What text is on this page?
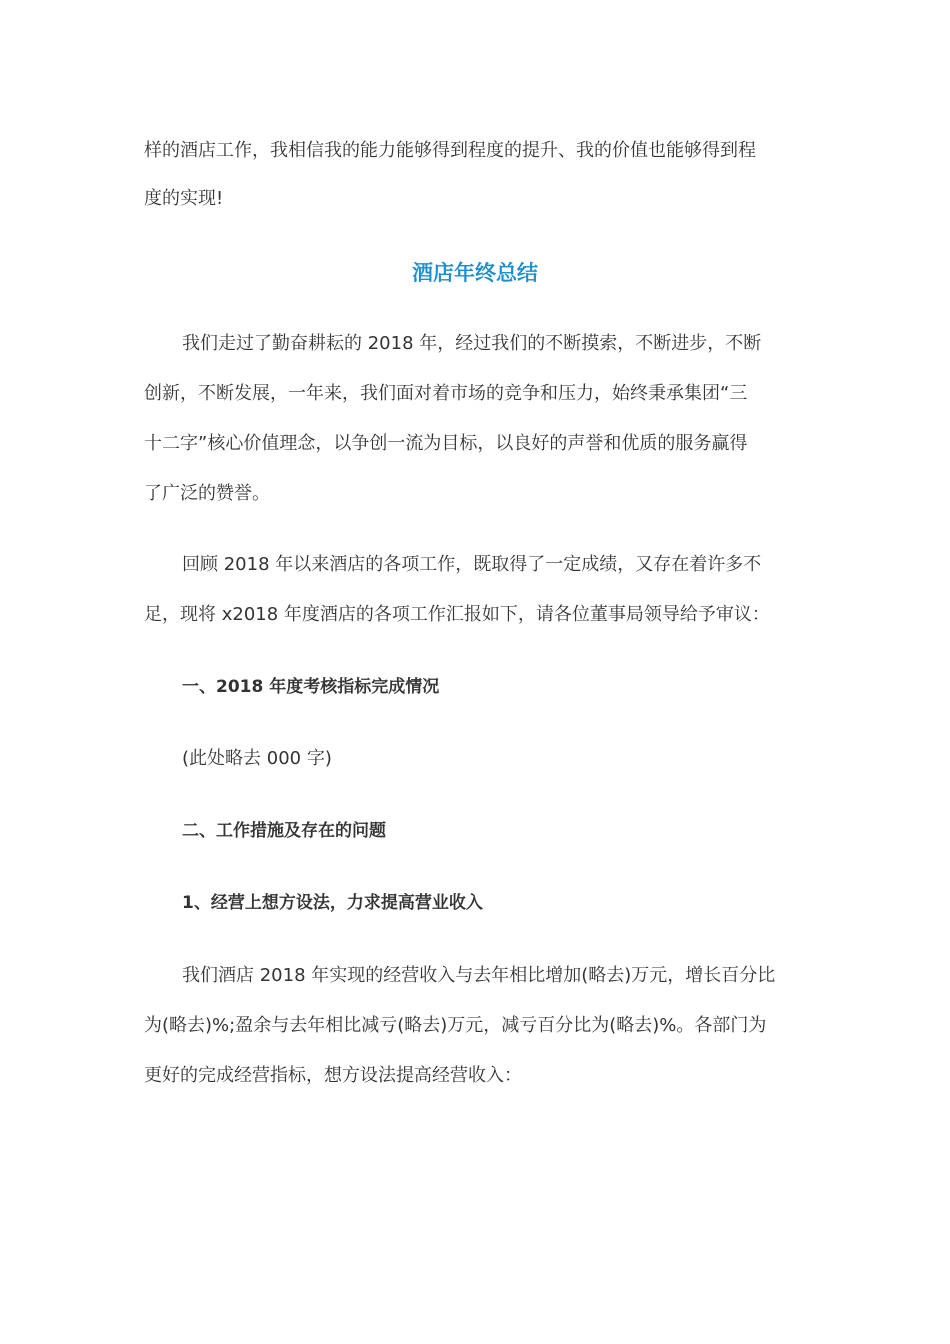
样的酒店工作，我相信我的能力能够得到程度的提升、我的价值也能够得到程
度的实现!
酒店年终总结
我们走过了勤奋耕耘的 2018 年，经过我们的不断摸索，不断进步，不断
创新，不断发展，一年来，我们面对着市场的竞争和压力，始终秉承集团“三
十二字”核心价值理念，以争创一流为目标，以良好的声誉和优质的服务赢得
了广泛的赞誉。
回顾 2018 年以来酒店的各项工作，既取得了一定成绩，又存在着许多不
足，现将 x2018 年度酒店的各项工作汇报如下，请各位董事局领导给予审议：
一、2018 年度考核指标完成情况
(此处略去 000 字)
二、工作措施及存在的问题
1、经营上想方设法，力求提高营业收入
我们酒店 2018 年实现的经营收入与去年相比增加(略去)万元，增长百分比
为(略去)%;盈余与去年相比减亏(略去)万元，减亏百分比为(略去)%。各部门为
更好的完成经营指标，想方设法提高经营收入：
